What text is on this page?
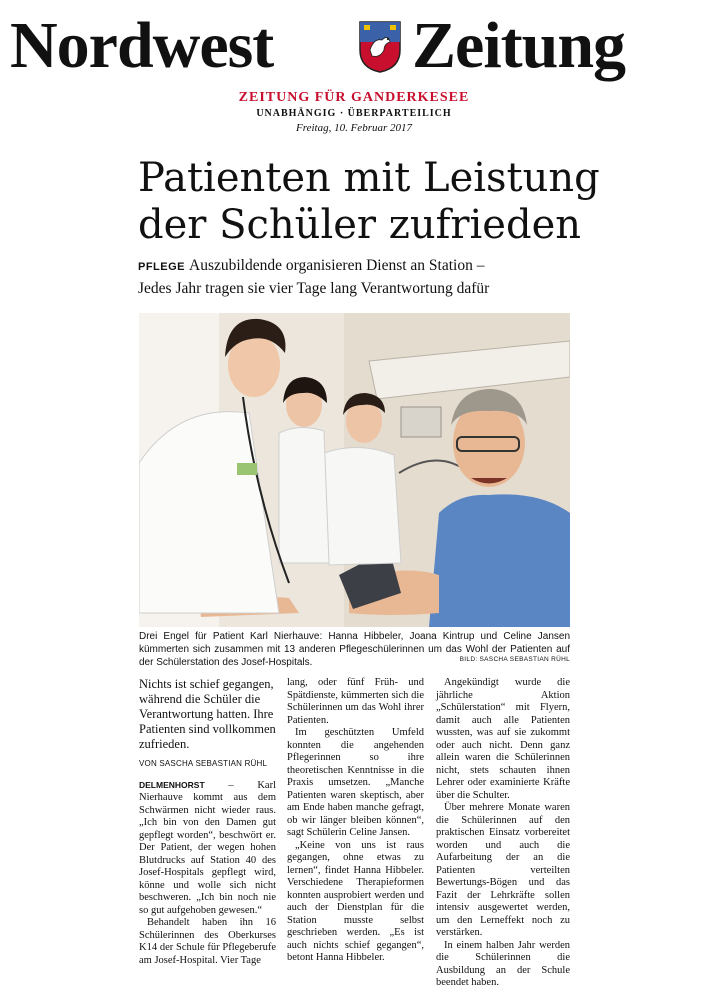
Nordwest Zeitung
ZEITUNG FÜR GANDERKESEE
UNABHÄNGIG · ÜBERPARTEILICH
Freitag, 10. Februar 2017
Patienten mit Leistung
der Schüler zufrieden
PFLEGE Auszubildende organisieren Dienst an Station –
Jedes Jahr tragen sie vier Tage lang Verantwortung dafür
Drei Engel für Patient Karl Nierhauve: Hanna Hibbeler, Joana Kintrup und Celine Jansen kümmerten sich zusammen mit 13 anderen Pflegeschülerinnen um das Wohl der Patienten auf der Schülerstation des Josef-Hospitals.	BILD: SASCHA SEBASTIAN RÜHL

Nichts ist schief gegangen, während die Schüler die Verantwortung hatten. Ihre Patienten sind vollkommen zufrieden.

VON SASCHA SEBASTIAN RÜHL

DELMENHORST – Karl Nierhauve kommt aus dem Schwärmen nicht wieder raus. „Ich bin von den Damen gut gepflegt worden“, beschwört er. Der Patient, der wegen hohen Blutdrucks auf Station 40 des Josef-Hospitals gepflegt wird, könne und wolle sich nicht beschweren. „Ich bin noch nie so gut aufgehoben gewesen.“

Behandelt haben ihn 16 Schülerinnen des Oberkurses K14 der Schule für Pflegeberufe am Josef-Hospital. Vier Tage

lang, oder fünf Früh- und Spätdienste, kümmerten sich die Schülerinnen um das Wohl ihrer Patienten.

Im geschützten Umfeld konnten die angehenden Pflegerinnen so ihre theoretischen Kenntnisse in die Praxis umsetzen. „Manche Patienten waren skeptisch, aber am Ende haben manche gefragt, ob wir länger bleiben können“, sagt Schülerin Celine Jansen.

„Keine von uns ist raus gegangen, ohne etwas zu lernen“, findet Hanna Hibbeler. Verschiedene Therapieformen konnten ausprobiert werden und auch der Dienstplan für die Station musste selbst geschrieben werden. „Es ist auch nichts schief gegangen“, betont Hanna Hibbeler.

Angekündigt wurde die jährliche Aktion „Schülerstation“ mit Flyern, damit auch alle Patienten wussten, was auf sie zukommt oder auch nicht. Denn ganz allein waren die Schülerinnen nicht, stets schauten ihnen Lehrer oder examinierte Kräfte über die Schulter.

Über mehrere Monate waren die Schülerinnen auf den praktischen Einsatz vorbereitet worden und auch die Aufarbeitung der an die Patienten verteilten Bewertungs-Bögen und das Fazit der Lehrkräfte sollen intensiv ausgewertet werden, um den Lerneffekt noch zu verstärken.

In einem halben Jahr werden die Schülerinnen die Ausbildung an der Schule beendet haben.
